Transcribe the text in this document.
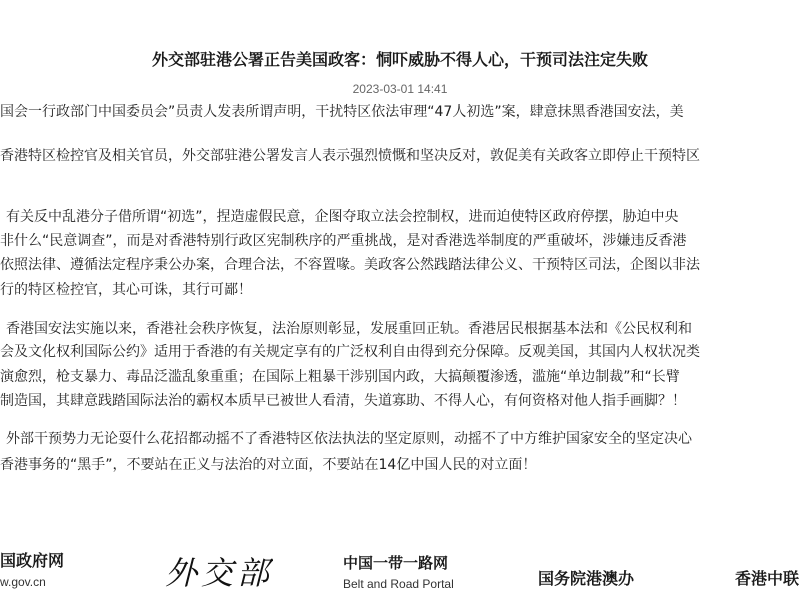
外交部驻港公署正告美国政客：恫吓威胁不得人心，干预司法注定失败
2023-03-01 14:41
国会一行政部门中国委员会”员责人发表所谓声明，干扰特区依法审理“47人初选”案，肆意抹黑香港国安法，美
香港特区检控官及相关官员，外交部驻港公署发言人表示强烈愤慨和坚决反对，敦促美有关政客立即停止干预特区
有关反中乱港分子借所谓“初选”，捏造虚假民意，企图夺取立法会控制权，进而迫使特区政府停摆，胁迫中央
非什么“民意调查”，而是对香港特别行政区宪制秩序的严重挑战，是对香港选举制度的严重破坏，涉嫌违反香港
依照法律、遵循法定程序秉公办案，合理合法，不容置喙。美政客公然践踏法律公义、干预特区司法，企图以非法
行的特区检控官，其心可诛，其行可鄙！
香港国安法实施以来，香港社会秩序恢复，法治原则彰显，发展重回正轨。香港居民根据基本法和《公民权利和
会及文化权利国际公约》适用于香港的有关规定享有的广泛权利自由得到充分保障。反观美国，其国内人权状况类
演愈烈，枪支暴力、毒品泛滥乱象重重；在国际上粗暴干涉别国内政，大搞颠覆渗透，滥施“单边制裁”和“长臂
制造国，其肆意践踏国际法治的霸权本质早已被世人看清，失道寡助、不得人心，有何资格对他人指手画脚？！
外部干预势力无论耍什么花招都动摇不了香港特区依法执法的坚定原则，动摇不了中方维护国家安全的坚定决心
香港事务的“黑手”，不要站在正义与法治的对立面，不要站在14亿中国人民的对立面！
国政府网
w.gov.cn	外交部	中国一带一路网
Belt and Road Portal	国务院港澳办	香港中联
